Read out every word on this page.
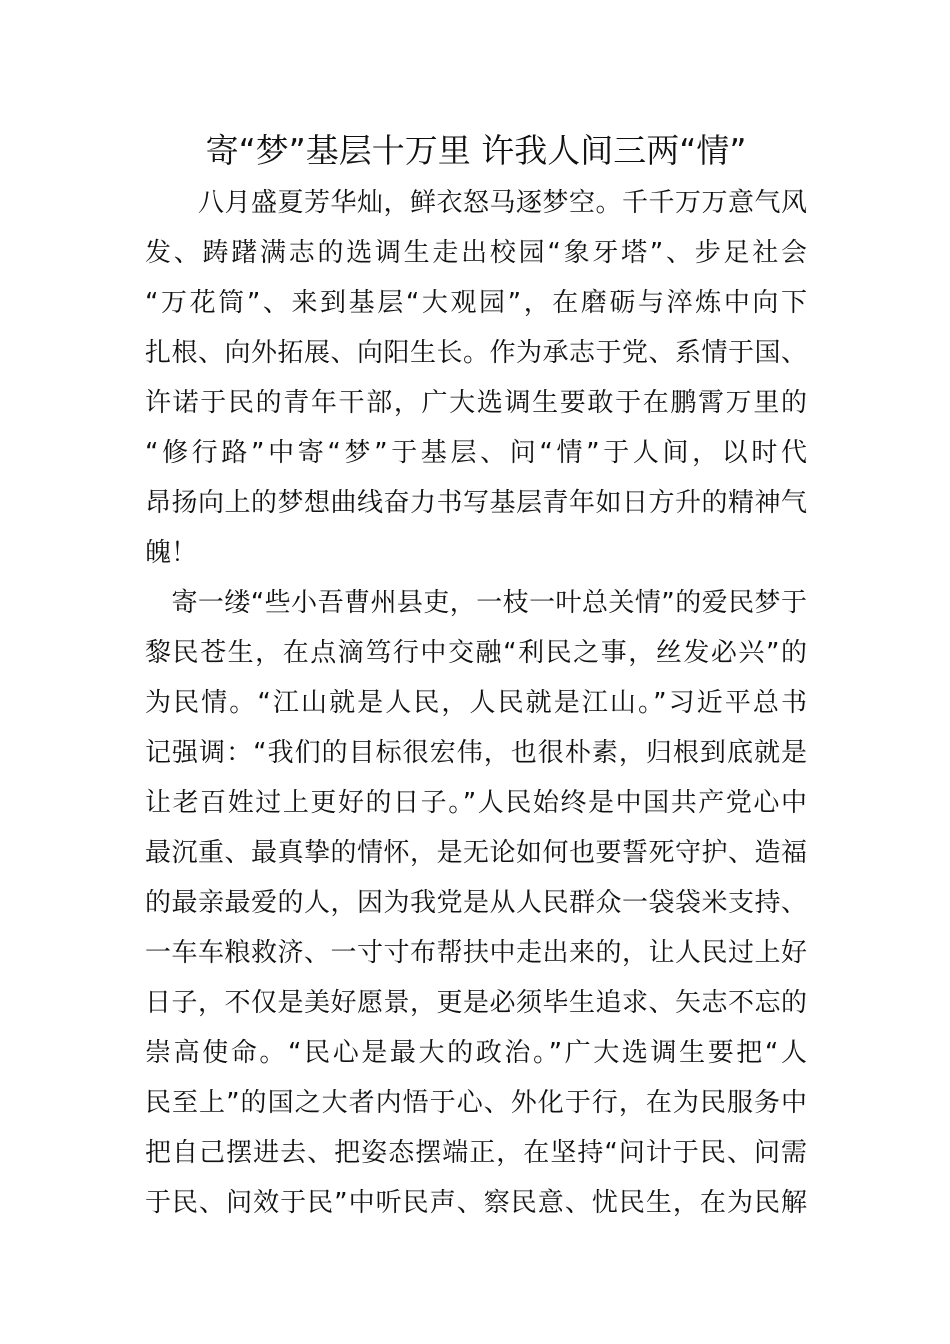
寄“梦”基层十万里 许我人间三两“情”
　　八月盛夏芳华灿，鲜衣怒马逐梦空。千千万万意气风
发、踌躇满志的选调生走出校园“象牙塔”、步足社会
“万花筒”、来到基层“大观园”，在磨砺与淬炼中向下
扎根、向外拓展、向阳生长。作为承志于党、系情于国、
许诺于民的青年干部，广大选调生要敢于在鹏霄万里的
“修行路”中寄“梦”于基层、问“情”于人间，以时代
昂扬向上的梦想曲线奋力书写基层青年如日方升的精神气
魄！
　寄一缕“些小吾曹州县吏，一枝一叶总关情”的爱民梦于
黎民苍生，在点滴笃行中交融“利民之事，丝发必兴”的
为民情。“江山就是人民，人民就是江山。”习近平总书
记强调：“我们的目标很宏伟，也很朴素，归根到底就是
让老百姓过上更好的日子。”人民始终是中国共产党心中
最沉重、最真挚的情怀，是无论如何也要誓死守护、造福
的最亲最爱的人，因为我党是从人民群众一袋袋米支持、
一车车粮救济、一寸寸布帮扶中走出来的，让人民过上好
日子，不仅是美好愿景，更是必须毕生追求、矢志不忘的
崇高使命。“民心是最大的政治。”广大选调生要把“人
民至上”的国之大者内悟于心、外化于行，在为民服务中
把自己摆进去、把姿态摆端正，在坚持“问计于民、问需
于民、问效于民”中听民声、察民意、忧民生，在为民解
